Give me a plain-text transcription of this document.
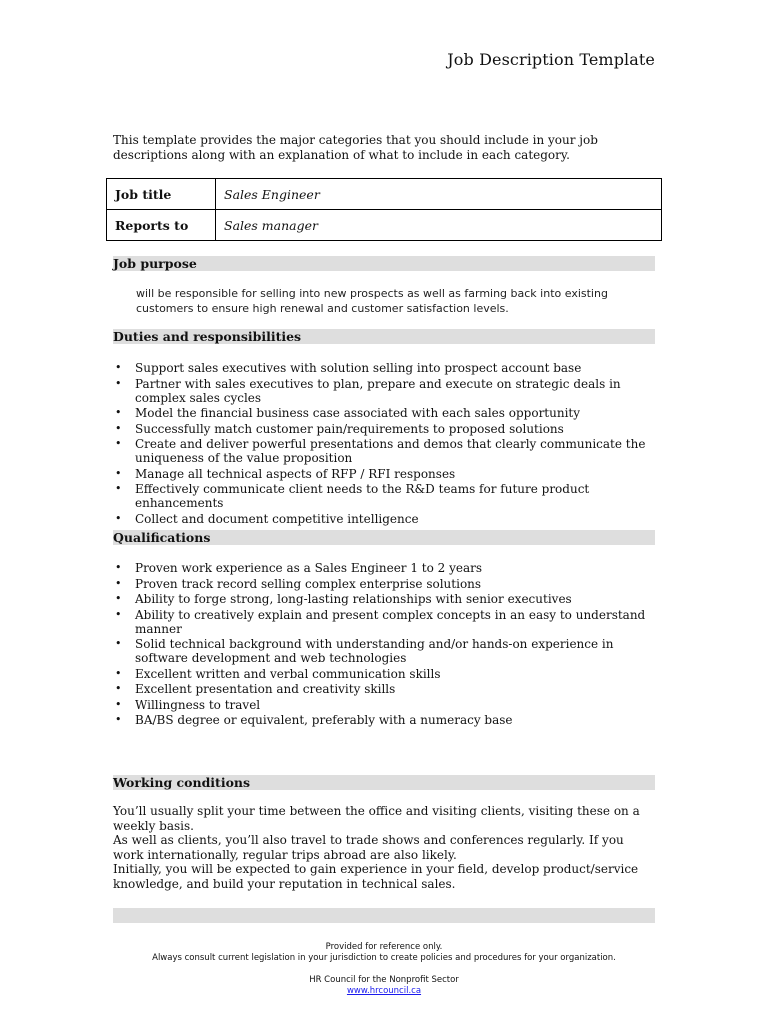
Job Description Template
This template provides the major categories that you should include in your job descriptions along with an explanation of what to include in each category.
Job title	Sales Engineer
Reports to	Sales manager
Job purpose
will be responsible for selling into new prospects as well as farming back into existing customers to ensure high renewal and customer satisfaction levels.
Duties and responsibilities
• Support sales executives with solution selling into prospect account base
• Partner with sales executives to plan, prepare and execute on strategic deals in complex sales cycles
• Model the financial business case associated with each sales opportunity
• Successfully match customer pain/requirements to proposed solutions
• Create and deliver powerful presentations and demos that clearly communicate the uniqueness of the value proposition
• Manage all technical aspects of RFP / RFI responses
• Effectively communicate client needs to the R&D teams for future product enhancements
• Collect and document competitive intelligence
Qualifications
• Proven work experience as a Sales Engineer 1 to 2 years
• Proven track record selling complex enterprise solutions
• Ability to forge strong, long-lasting relationships with senior executives
• Ability to creatively explain and present complex concepts in an easy to understand manner
• Solid technical background with understanding and/or hands-on experience in software development and web technologies
• Excellent written and verbal communication skills
• Excellent presentation and creativity skills
• Willingness to travel
• BA/BS degree or equivalent, preferably with a numeracy base
Working conditions

You’ll usually split your time between the office and visiting clients, visiting these on a weekly basis.

As well as clients, you’ll also travel to trade shows and conferences regularly. If you work internationally, regular trips abroad are also likely.

Initially, you will be expected to gain experience in your field, develop product/service knowledge, and build your reputation in technical sales.

Provided for reference only.
Always consult current legislation in your jurisdiction to create policies and procedures for your organization.
HR Council for the Nonprofit Sector
www.hrcouncil.ca
